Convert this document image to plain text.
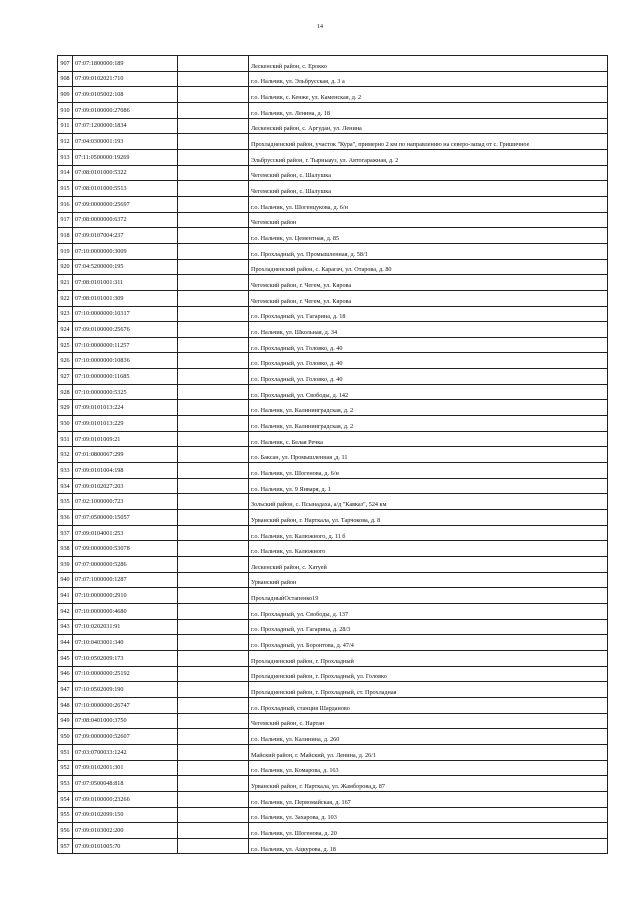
14
907	07:07:1800000:189		Лескенский район, с. Ерокко

908	07:09:0102021:710		г.о. Нальчик, ул. Эльбрусская, д. 3 а

909	07:09:0105002:108		г.о. Нальчик, с. Кенже, ул. Каменская, д. 2

910	07:09:0100000:27086		г.о. Нальчик, ул. Ленина, д. 18

911	07:07:1200000:1834		Лескенский район, с. Аргудан, ул. Ленина

912	07:04:0300001:193		Прохладненский район, участок "Кура", примерно 2 км по направлению на северо-запад от с. Гришичное

913	07:11:0500000:19269		Эльбрусский район, г. Тырныауз, ул. Автогаражная, д. 2

914	07:08:0101000:5322		Чегемский район, с. Шалушка

915	07:08:0101000:5513		Чегемский район, с. Шалушка

916	07:09:0000000:25697		г.о. Нальчик, ул. Шогенцукова, д. 6/н

917	07:08:0000000:6372		Чегемский район

918	07:09:0107004:237		г.о. Нальчик, ул. Цементная, д. 85

919	07:10:0000000:3009		г.о. Прохладный, ул. Промышленная, д. 58/1

920	07:04:5200000:195		Прохладненский район, с. Карагач, ул. Отарова, д. 80

921	07:08:0101001:311		Чегемский район, г. Чегем, ул. Кярова

922	07:08:0101001:309		Чегемский район, г. Чегем, ул. Кярова

923	07:10:0000000:10317		г.о. Прохладный, ул. Гагарина, д. 18

924	07:09:0100000:25676		г.о. Нальчик, ул. Школьная, д. 34

925	07:10:0000000:11257		г.о. Прохладный, ул. Головко, д. 40

926	07:10:0000000:10836		г.о. Прохладный, ул. Головко, д. 40

927	07:10:0000000:11685		г.о. Прохладный, ул. Головко, д. 40

928	07:10:0000000:5325		г.о. Прохладный, ул. Свободы, д. 142

929	07:09:0101013:224		г.о. Нальчик, ул. Калининградская, д. 2

930	07:09:0101013:229		г.о. Нальчик, ул. Калининградская, д. 2

931	07:09:0101009:21		г.о. Нальчик, с. Белая Речка

932	07:01:0800067:299		г.о. Баксан, ул. Промышленная ,д. 11

933	07:09:0101004:198		г.о. Нальчик, ул. Шогенова, д. 6/н

934	07:09:0102027:203		г.о. Нальчик, ул. 9 Января, д. 1

935	07:02:1000000:723		Зольский район, с. Псынадаха, а/д "Кавказ", 524 км

936	07:07:0500000:15057		Урванский район, г. Нарткала, ул. Тарчокова, д. 8

937	07:09:0104001:253		г.о. Нальчик, ул. Калюжного, д. 11 б

938	07:09:0000000:53078		г.о. Нальчик, ул. Калюжного

939	07:07:0000000:5286		Лескенский район, с. Хатуей

940	07:07:1000000:1287		Урванский район

941	07:10:0000000:2910		ПрохладныйОстапенко19

942	07:10:0000000:4680		г.о. Прохладный, ул. Свободы, д. 137

943	07:10:0202031:91		г.о. Прохладный, ул. Гагарина, д. 28/3

944	07:10:0403001:340		г.о. Прохладный, ул. Боронтова, д. 47/4

945	07:10:0502009:173		Прохладненский район, г. Прохладный

946	07:10:0000000:25192		Прохладненский район, г. Прохладный, ул. Головко

947	07:10:0502009:190		Прохладненский район, г. Прохладный, ст. Прохладная

948	07:10:0000000:26747		г.о. Прохладный, станция Шарданово

949	07:08:0401000:3750		Чегемский район, с. Нартан

950	07:09:0000000:52607		г.о. Нальчик, ул. Калинина, д. 260

951	07:03:0700033:1242		Майский район, г. Майский, ул. Ленина, д. 26/1

952	07:09:0102001:301		г.о. Нальчик, ул. Комарова, д. 163

953	07:07:0500048:818		Урванский район, г. Нарткала, ул. Жамборова,д. 87

954	07:09:0100000:23266		г.о. Нальчик, ул. Первомайская, д. 167

955	07:09:0102099:150		г.о. Нальчик, ул. Захарова, д. 103

956	07:09:0103002:200		г.о. Нальчик, ул. Шогенова, д. 20

957	07:09:0101005:70		г.о. Нальчик, ул. Ацкурова, д. 18
